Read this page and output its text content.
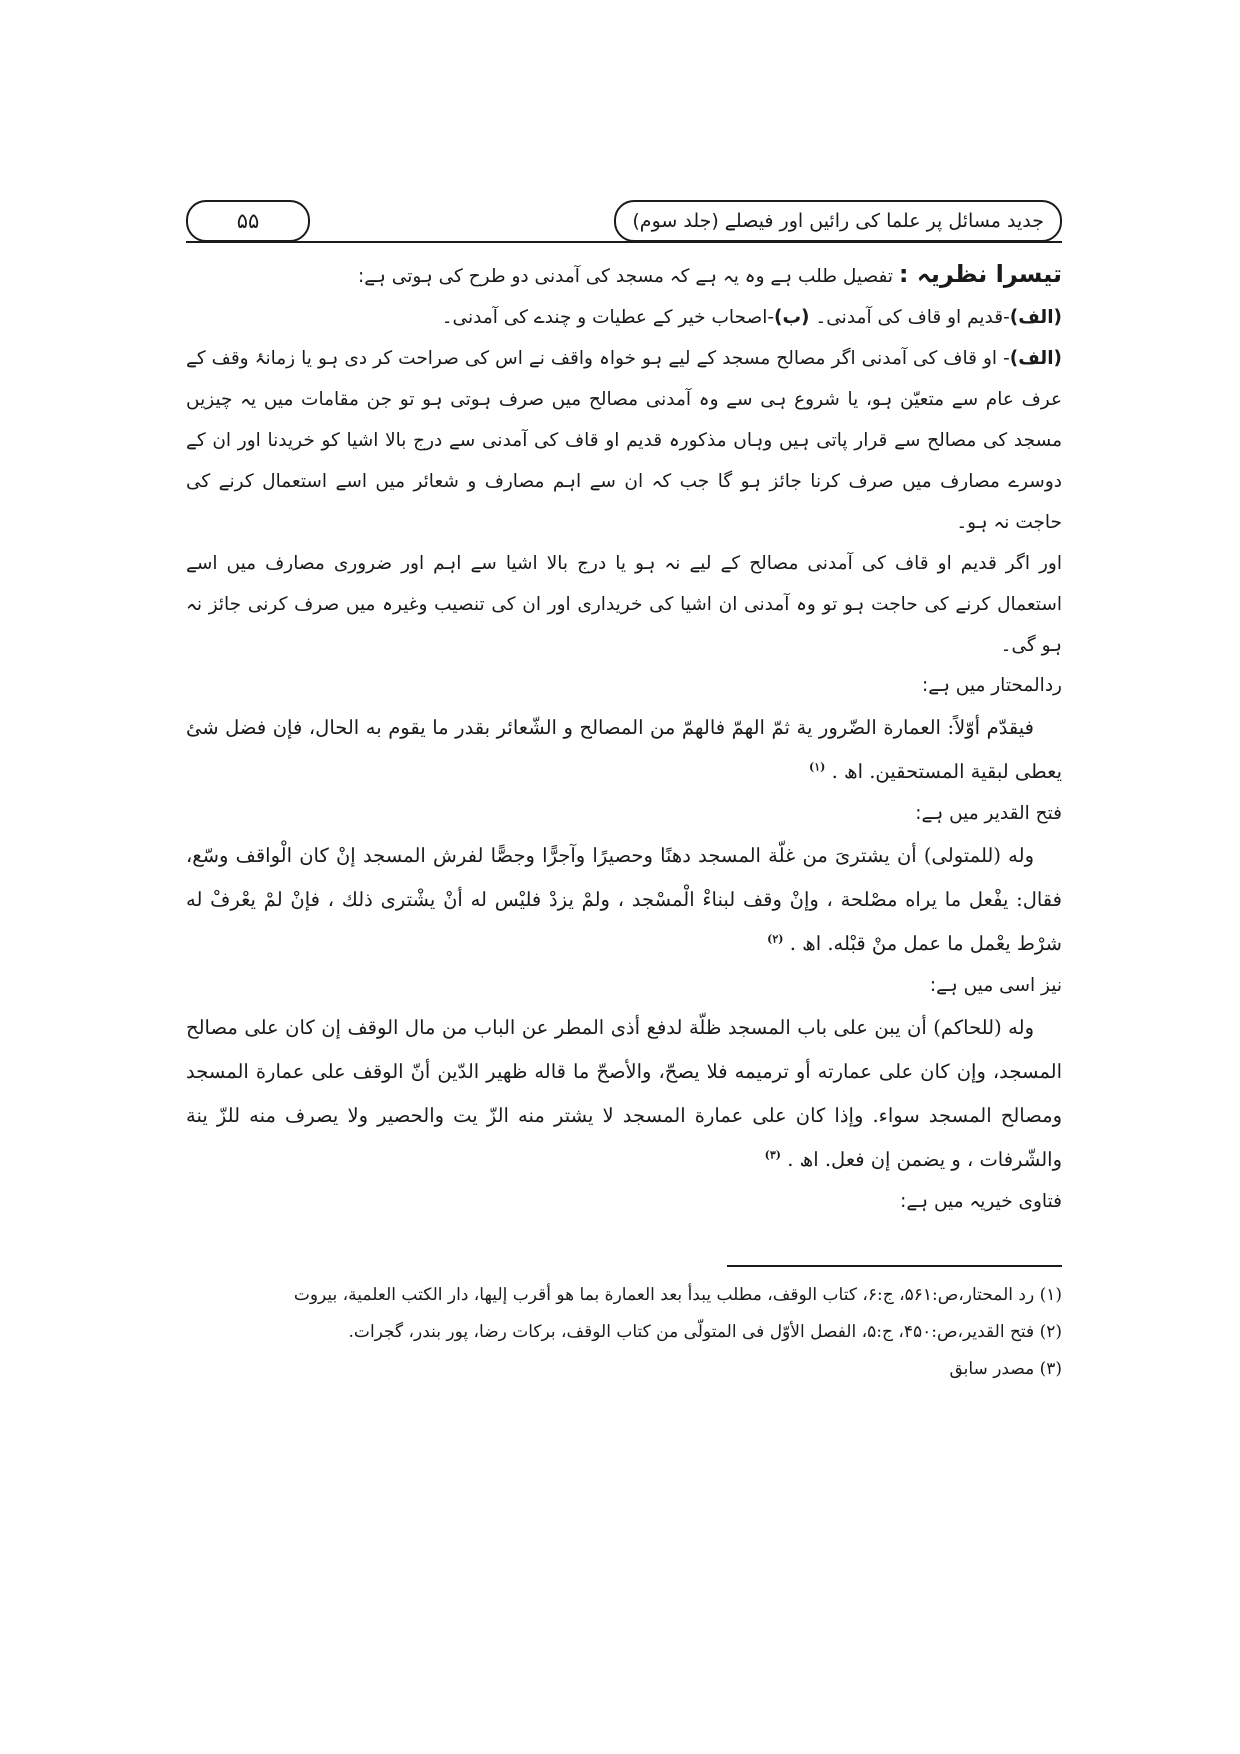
جدید مسائل پر علما کی رائیں اور فیصلے (جلد سوم)
۵۵

تیسرا نظریہ : تفصیل طلب ہے وہ یہ ہے کہ مسجد کی آمدنی دو طرح کی ہوتی ہے:

(الف)-قدیم او قاف کی آمدنی۔ (ب)-اصحاب خیر کے عطیات و چندے کی آمدنی۔

(الف)- او قاف کی آمدنی اگر مصالح مسجد کے لیے ہو خواہ واقف نے اس کی صراحت کر دی ہو یا زمانۂ وقف کے عرف عام سے متعیّن ہو، یا شروع ہی سے وہ آمدنی مصالح میں صرف ہوتی ہو تو جن مقامات میں یہ چیزیں مسجد کی مصالح سے قرار پاتی ہیں وہاں مذکورہ قدیم او قاف کی آمدنی سے درج بالا اشیا کو خریدنا اور ان کے دوسرے مصارف میں صرف کرنا جائز ہو گا جب کہ ان سے اہم مصارف و شعائر میں اسے استعمال کرنے کی حاجت نہ ہو۔

اور اگر قدیم او قاف کی آمدنی مصالح کے لیے نہ ہو یا درج بالا اشیا سے اہم اور ضروری مصارف میں اسے استعمال کرنے کی حاجت ہو تو وہ آمدنی ان اشیا کی خریداری اور ان کی تنصیب وغیرہ میں صرف کرنی جائز نہ ہو گی۔

ردالمحتار میں ہے:

فيقدّم أوّلاً: العمارة الضّرور ية ثمّ الهمّ فالهمّ من المصالح و الشّعائر بقدر ما يقوم به الحال، فإن فضل شئ يعطى لبقية المستحقين. اھ . $^{(۱)}$

فتح القدیر میں ہے:

وله (للمتولى) أن يشترىَ من غلّة المسجد دهنًا وحصيرًا وآجرًّا وجصًّا لفرش المسجد إنْ كان الْواقف وسّع، فقال: يفْعل ما يراه مصْلحة ، وإنْ وقف لبناءْ الْمسْجد ، ولمْ يزدْ فليْس له أنْ يشْترى ذلك ، فإنْ لمْ يعْرفْ له شرْط يعْمل ما عمل منْ قبْله. اھ . $^{(۲)}$

نیز اسی میں ہے:

وله (للحاكم) أن يبن على باب المسجد ظلّة لدفع أذى المطر عن الباب من مال الوقف إن كان على مصالح المسجد، وإن كان على عمارته أو ترميمه فلا يصحّ، والأصحّ ما قاله ظهير الدّين أنّ الوقف على عمارة المسجد ومصالح المسجد سواء. وإذا كان على عمارة المسجد لا يشتر منه الزّ يت والحصير ولا يصرف منه للزّ ينة والشّرفات ، و يضمن إن فعل. اھ . $^{(۳)}$

فتاوی خیریہ میں ہے:

(۱) رد المحتار،ص:۵۶۱، ج:۶، كتاب الوقف، مطلب يبدأ بعد العمارة بما هو أقرب إليها، دار الكتب العلمية، بيروت

(۲) فتح القدير،ص:۴۵۰، ج:۵، الفصل الأوّل فى المتولّى من كتاب الوقف، بركات رضا، پور بندر، گجرات.

(۳) مصدر سابق
